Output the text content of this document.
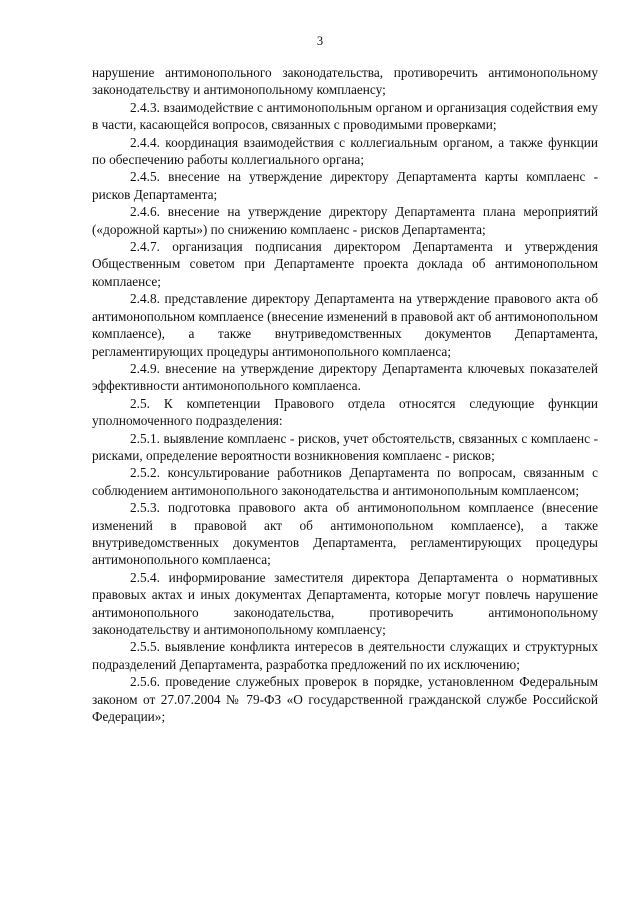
3

нарушение антимонопольного законодательства, противоречить антимонопольному законодательству и антимонопольному комплаенсу;

2.4.3. взаимодействие с антимонопольным органом и организация содействия ему в части, касающейся вопросов, связанных с проводимыми проверками;

2.4.4. координация взаимодействия с коллегиальным органом, а также функции по обеспечению работы коллегиального органа;

2.4.5. внесение на утверждение директору Департамента карты комплаенс - рисков Департамента;

2.4.6. внесение на утверждение директору Департамента плана мероприятий («дорожной карты») по снижению комплаенс - рисков Департамента;

2.4.7. организация подписания директором Департамента и утверждения Общественным советом при Департаменте проекта доклада об антимонопольном комплаенсе;

2.4.8. представление директору Департамента на утверждение правового акта об антимонопольном комплаенсе (внесение изменений в правовой акт об антимонопольном комплаенсе), а также внутриведомственных документов Департамента, регламентирующих процедуры антимонопольного комплаенса;

2.4.9. внесение на утверждение директору Департамента ключевых показателей эффективности антимонопольного комплаенса.

2.5. К компетенции Правового отдела относятся следующие функции уполномоченного подразделения:

2.5.1. выявление комплаенс - рисков, учет обстоятельств, связанных с комплаенс - рисками, определение вероятности возникновения комплаенс - рисков;

2.5.2. консультирование работников Департамента по вопросам, связанным с соблюдением антимонопольного законодательства и антимонопольным комплаенсом;

2.5.3. подготовка правового акта об антимонопольном комплаенсе (внесение изменений в правовой акт об антимонопольном комплаенсе), а также внутриведомственных документов Департамента, регламентирующих процедуры антимонопольного комплаенса;

2.5.4. информирование заместителя директора Департамента о нормативных правовых актах и иных документах Департамента, которые могут повлечь нарушение антимонопольного законодательства, противоречить антимонопольному законодательству и антимонопольному комплаенсу;

2.5.5. выявление конфликта интересов в деятельности служащих и структурных подразделений Департамента, разработка предложений по их исключению;

2.5.6. проведение служебных проверок в порядке, установленном Федеральным законом от 27.07.2004 № 79-ФЗ «О государственной гражданской службе Российской Федерации»;
